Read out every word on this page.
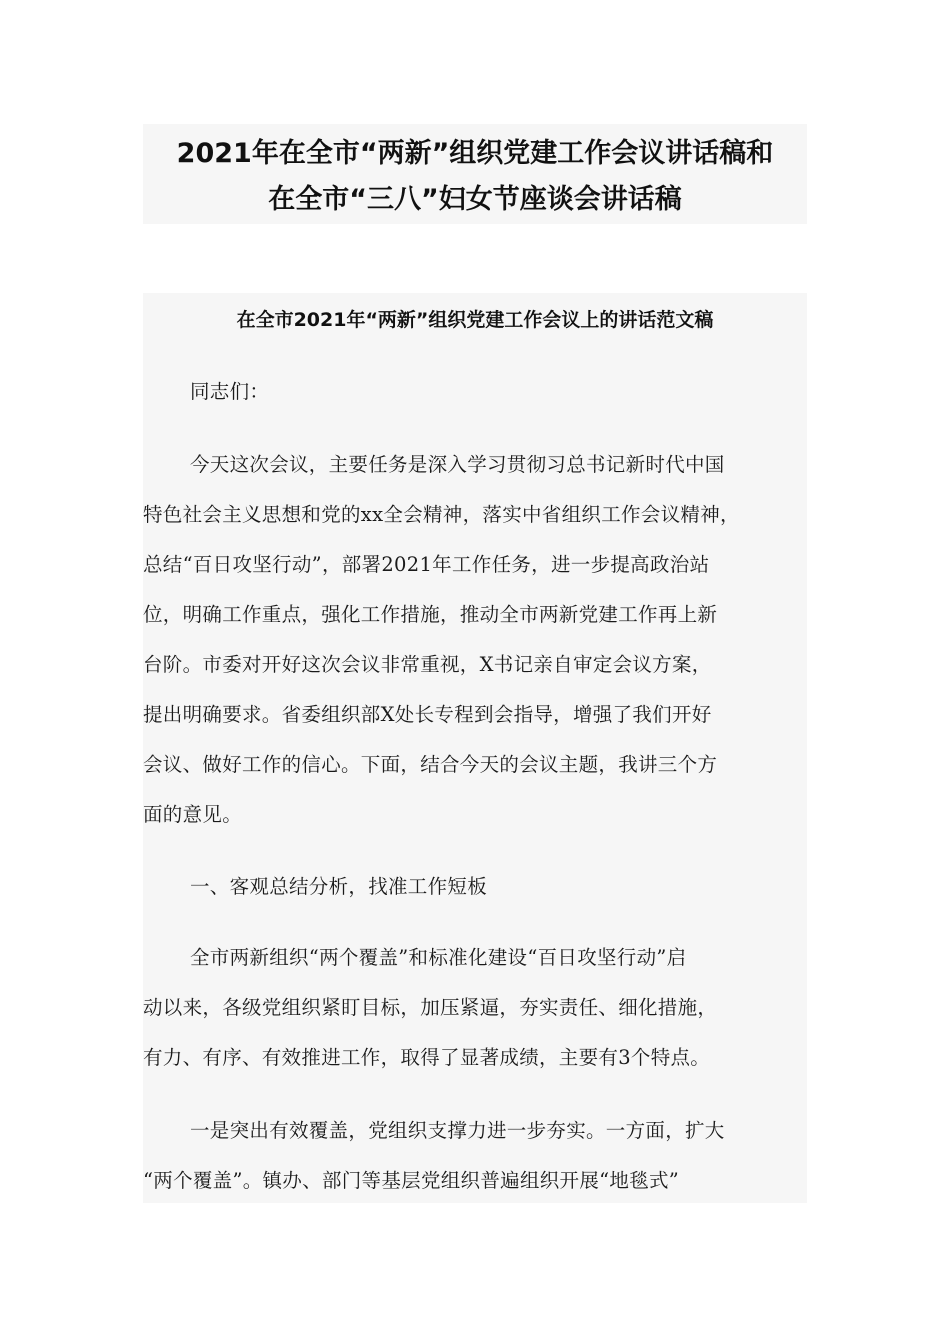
2021年在全市“两新”组织党建工作会议讲话稿和
在全市“三八”妇女节座谈会讲话稿
在全市2021年“两新”组织党建工作会议上的讲话范文稿
同志们：
今天这次会议，主要任务是深入学习贯彻习总书记新时代中国
特色社会主义思想和党的xx全会精神，落实中省组织工作会议精神，
总结“百日攻坚行动”，部署2021年工作任务，进一步提高政治站
位，明确工作重点，强化工作措施，推动全市两新党建工作再上新
台阶。市委对开好这次会议非常重视，X书记亲自审定会议方案，
提出明确要求。省委组织部X处长专程到会指导，增强了我们开好
会议、做好工作的信心。下面，结合今天的会议主题，我讲三个方
面的意见。
一、客观总结分析，找准工作短板
全市两新组织“两个覆盖”和标准化建设“百日攻坚行动”启
动以来，各级党组织紧盯目标，加压紧逼，夯实责任、细化措施，
有力、有序、有效推进工作，取得了显著成绩，主要有3个特点。
一是突出有效覆盖，党组织支撑力进一步夯实。一方面，扩大
“两个覆盖”。镇办、部门等基层党组织普遍组织开展“地毯式”
